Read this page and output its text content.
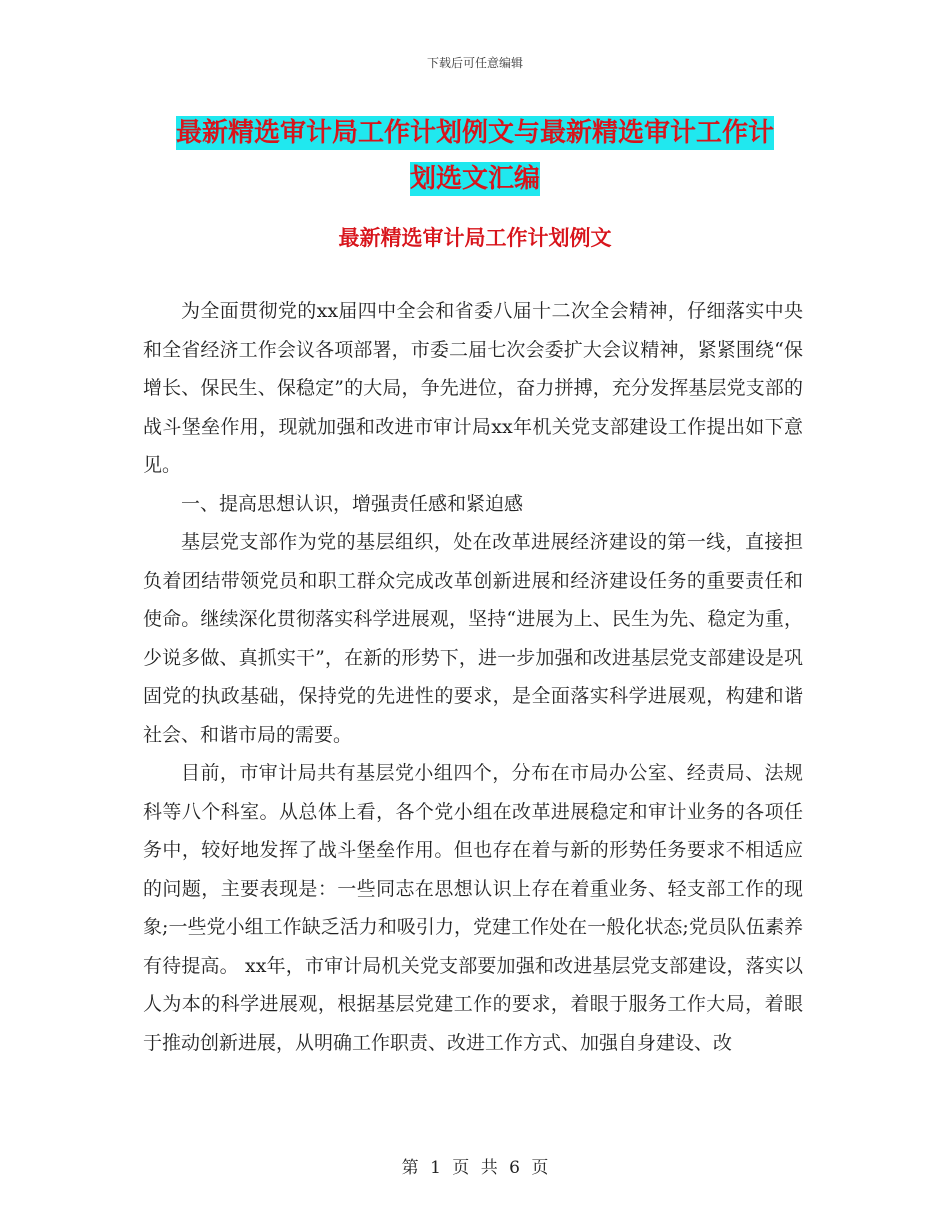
下载后可任意编辑
最新精选审计局工作计划例文与最新精选审计工作计
划选文汇编
最新精选审计局工作计划例文

为全面贯彻党的xx届四中全会和省委八届十二次全会精神，仔细落实中央和全省经济工作会议各项部署，市委二届七次会委扩大会议精神，紧紧围绕“保增长、保民生、保稳定”的大局，争先进位，奋力拼搏，充分发挥基层党支部的战斗堡垒作用，现就加强和改进市审计局xx年机关党支部建设工作提出如下意见。

一、提高思想认识，增强责任感和紧迫感

基层党支部作为党的基层组织，处在改革进展经济建设的第一线，直接担负着团结带领党员和职工群众完成改革创新进展和经济建设任务的重要责任和使命。继续深化贯彻落实科学进展观，坚持“进展为上、民生为先、稳定为重，少说多做、真抓实干”，在新的形势下，进一步加强和改进基层党支部建设是巩固党的执政基础，保持党的先进性的要求，是全面落实科学进展观，构建和谐社会、和谐市局的需要。

目前，市审计局共有基层党小组四个，分布在市局办公室、经责局、法规科等八个科室。从总体上看，各个党小组在改革进展稳定和审计业务的各项任务中，较好地发挥了战斗堡垒作用。但也存在着与新的形势任务要求不相适应的问题，主要表现是：一些同志在思想认识上存在着重业务、轻支部工作的现象;一些党小组工作缺乏活力和吸引力，党建工作处在一般化状态;党员队伍素养有待提高。 xx年，市审计局机关党支部要加强和改进基层党支部建设，落实以人为本的科学进展观，根据基层党建工作的要求，着眼于服务工作大局，着眼于推动创新进展，从明确工作职责、改进工作方式、加强自身建设、改

第 1 页 共 6 页
